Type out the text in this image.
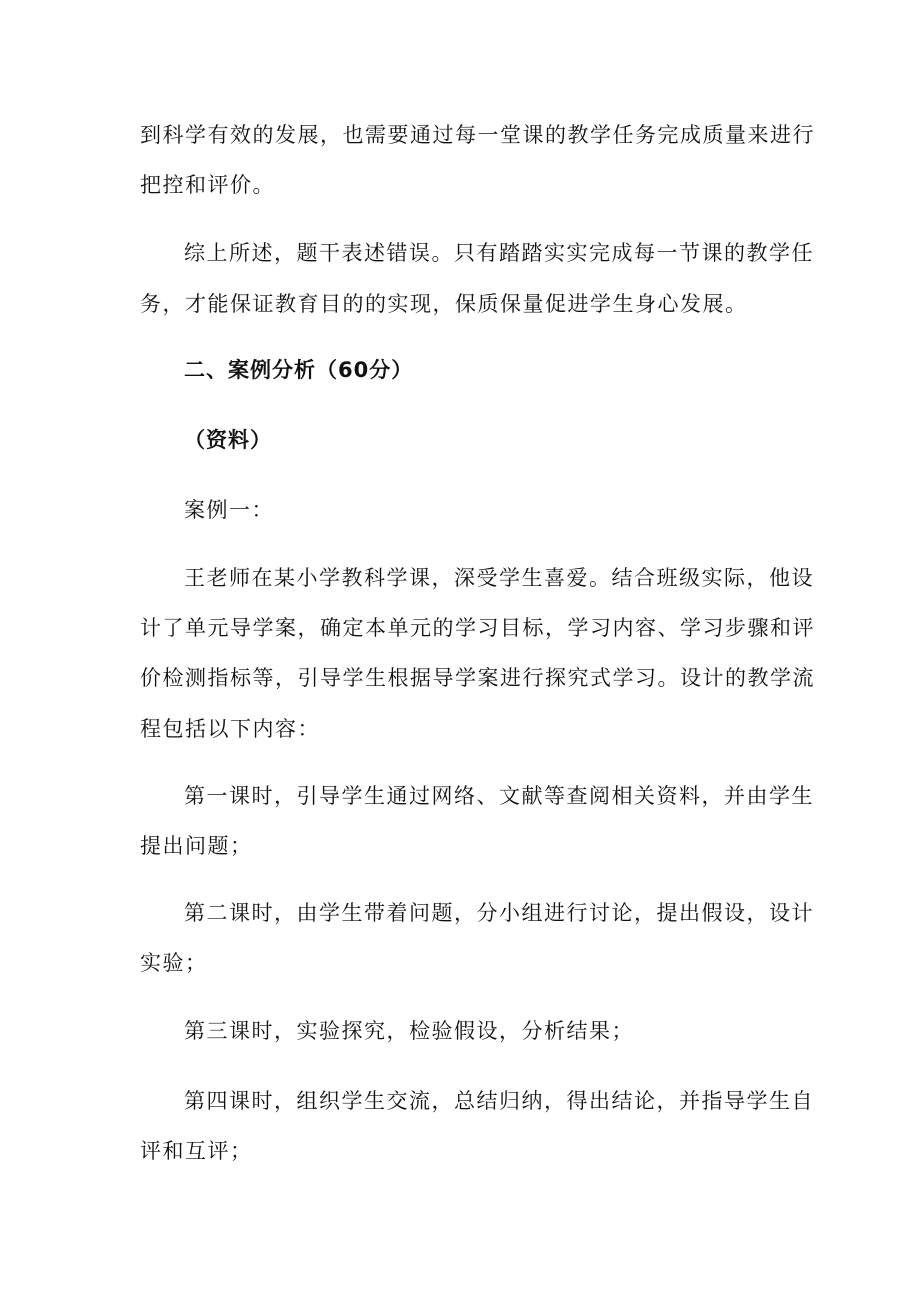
到科学有效的发展，也需要通过每一堂课的教学任务完成质量来进行
把控和评价。
综上所述，题干表述错误。只有踏踏实实完成每一节课的教学任
务，才能保证教育目的的实现，保质保量促进学生身心发展。
二、案例分析（60分）
（资料）
案例一：
王老师在某小学教科学课，深受学生喜爱。结合班级实际，他设
计了单元导学案，确定本单元的学习目标，学习内容、学习步骤和评
价检测指标等，引导学生根据导学案进行探究式学习。设计的教学流
程包括以下内容：
第一课时，引导学生通过网络、文献等查阅相关资料，并由学生
提出问题；
第二课时，由学生带着问题，分小组进行讨论，提出假设，设计
实验；
第三课时，实验探究，检验假设，分析结果；
第四课时，组织学生交流，总结归纳，得出结论，并指导学生自
评和互评；
